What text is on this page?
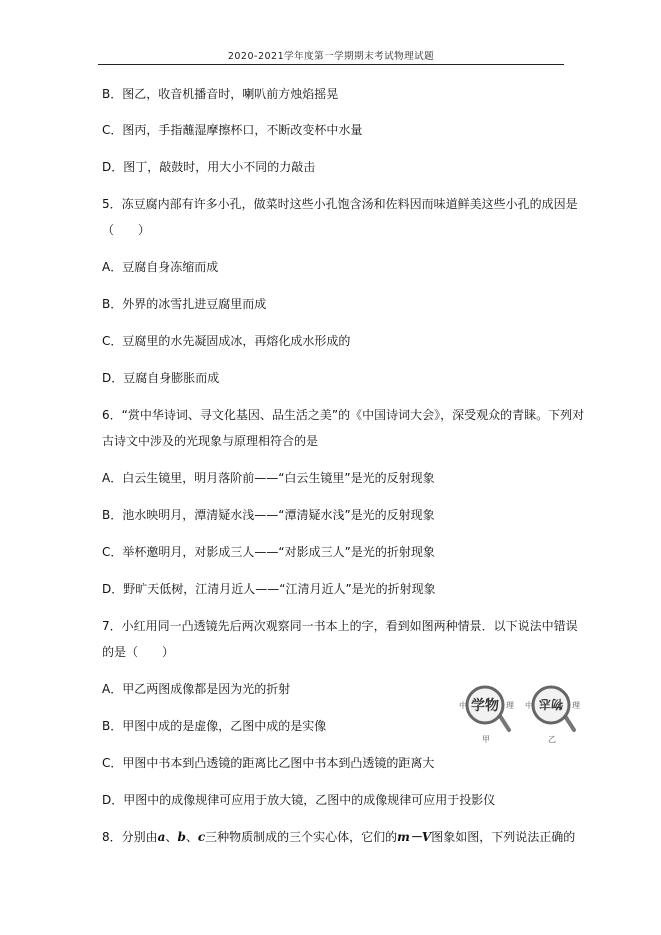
2020-2021学年度第一学期期末考试物理试题
B．图乙，收音机播音时，喇叭前方烛焰摇晃
C．图丙，手指蘸湿摩擦杯口，不断改变杯中水量
D．图丁，敲鼓时，用大小不同的力敲击
5．冻豆腐内部有许多小孔，做菜时这些小孔饱含汤和佐料因而味道鲜美这些小孔的成因是
（　　）
A．豆腐自身冻缩而成
B．外界的冰雪扎进豆腐里而成
C．豆腐里的水先凝固成冰，再熔化成水形成的
D．豆腐自身膨胀而成
6．“赏中华诗词、寻文化基因、品生活之美”的《中国诗词大会》，深受观众的青睐。下列对
古诗文中涉及的光现象与原理相符合的是
A．白云生镜里，明月落阶前——“白云生镜里”是光的反射现象
B．池水映明月，潭清疑水浅——“潭清疑水浅”是光的反射现象
C．举杯邀明月，对影成三人——“对影成三人”是光的折射现象
D．野旷天低树，江清月近人——“江清月近人”是光的折射现象
7．小红用同一凸透镜先后两次观察同一书本上的字，看到如图两种情景．以下说法中错误
的是（　　）
A．甲乙两图成像都是因为光的折射
B．甲图中成的是虚像，乙图中成的是实像
C．甲图中书本到凸透镜的距离比乙图中书本到凸透镜的距离大
D．甲图中的成像规律可应用于放大镜，乙图中的成像规律可应用于投影仪
8．分别由a、b、c三种物质制成的三个实心体，它们的m－V图象如图，下列说法正确的
学物
中	理
甲
物志
中	理
乙
